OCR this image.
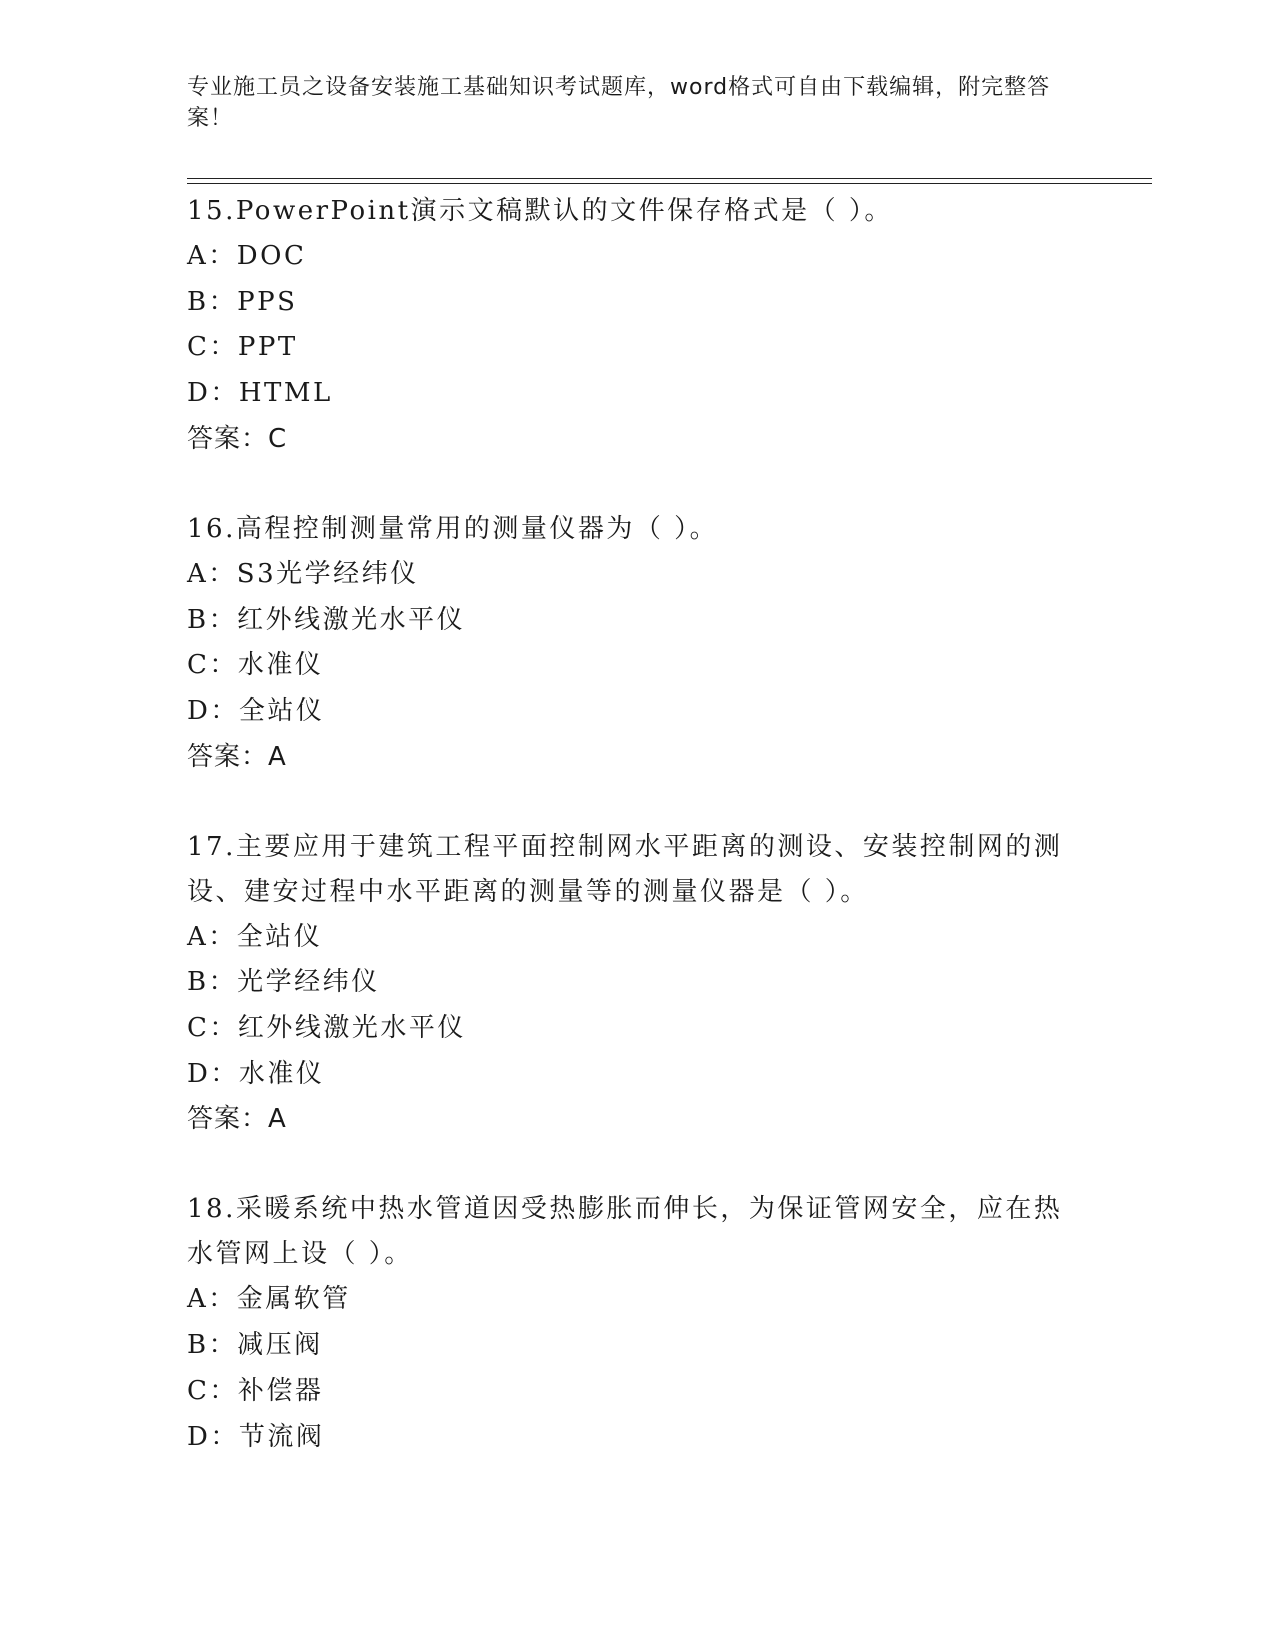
专业施工员之设备安装施工基础知识考试题库，word格式可自由下载编辑，附完整答案！

15.PowerPoint演示文稿默认的文件保存格式是（ ）。

A：DOC

B：PPS

C：PPT

D：HTML

答案：C

16.高程控制测量常用的测量仪器为（ ）。

A：S3光学经纬仪

B：红外线激光水平仪

C：水准仪

D：全站仪

答案：A

17.主要应用于建筑工程平面控制网水平距离的测设、安装控制网的测设、建安过程中水平距离的测量等的测量仪器是（ ）。

A：全站仪

B：光学经纬仪

C：红外线激光水平仪

D：水准仪

答案：A

18.采暖系统中热水管道因受热膨胀而伸长，为保证管网安全，应在热水管网上设（ ）。

A：金属软管

B：减压阀

C：补偿器

D：节流阀
